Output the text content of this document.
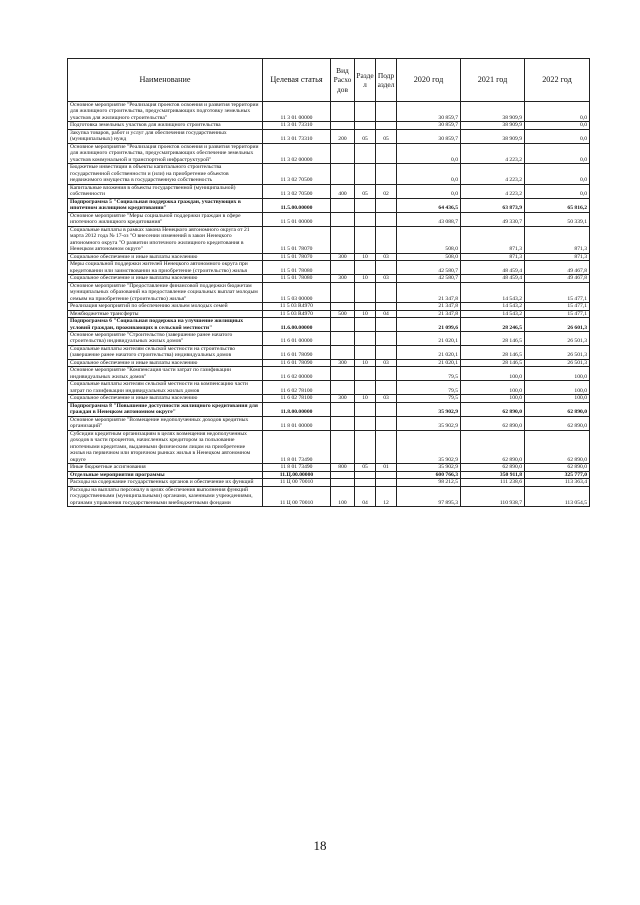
Наименование	Целевая статья	Вид Расхо дов	Разде л	Подр аздел	2020 год	2021 год	2022 год
Основное мероприятие "Реализация проектов освоения и развития территории для жилищного строительства, предусматривающих подготовку земельных участков для жилищного строительства"	11 3 01 00000				30 859,7	38 909,9	0,0
Подготовка земельных участков для жилищного строительства	11 3 01 73310				30 859,7	38 909,9	0,0
Закупка товаров, работ и услуг для обеспечения государственных (муниципальных) нужд	11 3 01 73310	200	05	05	30 859,7	38 909,9	0,0
Основное мероприятие "Реализация проектов освоения и развития территории для жилищного строительства, предусматривающих обеспечение земельных участков коммунальной и транспортной инфраструктурой"	11 3 02 00000				0,0	4 223,2	0,0
Бюджетные инвестиции в объекты капитального строительства государственной собственности и (или) на приобретение объектов недвижимого имущества в государственную собственность	11 3 02 70500				0,0	4 223,2	0,0
Капитальные вложения в объекты государственной (муниципальной) собственности	11 3 02 70500	400	05	02	0,0	4 223,2	0,0
Подпрограмма 5 "Социальная поддержка граждан, участвующих в ипотечном жилищном кредитовании"	11.5.00.00000				64 436,5	63 873,9	65 816,2
Основное мероприятие "Меры социальной поддержки граждан в сфере ипотечного жилищного кредитования"	11 5 01 00000				43 088,7	49 330,7	50 339,1
Социальные выплаты в рамках закона Ненецкого автономного округа от 21 марта 2012 года № 17-оз "О внесении изменений в закон Ненецкого автономного округа "О развитии ипотечного жилищного кредитования в Ненецком автономном округе"	11 5 01 78070				508,0	871,3	871,3
Социальное обеспечение и иные выплаты населению	11 5 01 78070	300	10	03	508,0	871,3	871,3
Меры социальной поддержки жителей Ненецкого автономного округа при кредитовании или заимствовании на приобретение (строительство) жилья	11 5 01 78080				42 580,7	48 459,4	49 467,8
Социальное обеспечение и иные выплаты населению	11 5 01 78080	300	10	03	42 580,7	48 459,4	49 467,8
Основное мероприятие "Предоставление финансовой поддержки бюджетам муниципальных образований на предоставление социальных выплат молодым семьям на приобретение (строительство) жилья"	11 5 03 00000				21 347,8	14 543,2	15 477,1
Реализация мероприятий по обеспечению жильем молодых семей	11 5 03 R4970				21 347,8	14 543,2	15 477,1
Межбюджетные трансферты	11 5 03 R4970	500	10	04	21 347,8	14 543,2	15 477,1
Подпрограмма 6 "Социальная поддержка на улучшение жилищных условий граждан, проживающих в сельской местности"	11.6.00.00000				21 099,6	28 246,5	26 601,3
Основное мероприятие "Строительство (завершение ранее начатого строительства) индивидуальных жилых домов"	11 6 01 00000				21 020,1	28 146,5	26 501,3
Социальные выплаты жителям сельской местности на строительство (завершение ранее начатого строительства) индивидуальных домов	11 6 01 78090				21 020,1	28 146,5	26 501,3
Социальное обеспечение и иные выплаты населению	11 6 01 78090	300	10	03	21 020,1	28 146,5	26 501,3
Основное мероприятие "Компенсация части затрат по газификации индивидуальных жилых домов"	11 6 02 00000				79,5	100,0	100,0
Социальные выплаты жителям сельской местности на компенсацию части затрат по газификации индивидуальных жилых домов	11 6 02 78100				79,5	100,0	100,0
Социальное обеспечение и иные выплаты населению	11 6 02 78100	300	10	03	79,5	100,0	100,0
Подпрограмма 8 "Повышение доступности жилищного кредитования для граждан в Ненецком автономном округе"	11.8.00.00000				35 902,9	62 890,0	62 890,0
Основное мероприятие "Возмещение недополученных доходов кредитных организаций"	11 8 01 00000				35 902,9	62 890,0	62 890,0
Субсидии кредитным организациям в целях возмещения недополученных доходов в части процентов, начисленных кредитором за пользование ипотечными кредитами, выданными физическим лицам на приобретение жилья на первичном или вторичном рынках жилья в Ненецком автономном округе	11 8 01 73490				35 902,9	62 890,0	62 890,0
Иные бюджетные ассигнования	11 8 01 73490	800	05	01	35 902,9	62 890,0	62 890,0
Отдельные мероприятия программы	11.Ц.00.00000				600 766,3	350 911,8	325 777,0
Расходы на содержание государственных органов и обеспечение их функций	11 Ц 00 70010				98 212,5	111 238,6	113 363,4
Расходы на выплаты персоналу в целях обеспечения выполнения функций государственными (муниципальными) органами, казенными учреждениями, органами управления государственными внебюджетными фондами	11 Ц 00 70010	100	04	12	97 895,3	110 938,7	113 054,5
18
